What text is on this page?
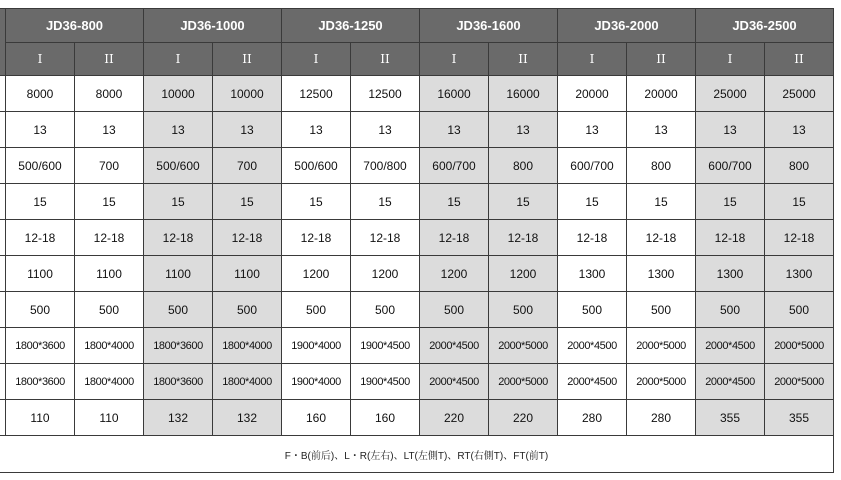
	JD36-800		JD36-1000		JD36-1250		JD36-1600		JD36-2000		JD36-2500	
	I	II	I	II	I	II	I	II	I	II	I	II
	8000	8000	10000	10000	12500	12500	16000	16000	20000	20000	25000	25000
	13	13	13	13	13	13	13	13	13	13	13	13
	500/600	700	500/600	700	500/600	700/800	600/700	800	600/700	800	600/700	800
	15	15	15	15	15	15	15	15	15	15	15	15
	12-18	12-18	12-18	12-18	12-18	12-18	12-18	12-18	12-18	12-18	12-18	12-18
	1100	1100	1100	1100	1200	1200	1200	1200	1300	1300	1300	1300
	500	500	500	500	500	500	500	500	500	500	500	500
	1800*3600	1800*4000	1800*3600	1800*4000	1900*4000	1900*4500	2000*4500	2000*5000	2000*4500	2000*5000	2000*4500	2000*5000
	1800*3600	1800*4000	1800*3600	1800*4000	1900*4000	1900*4500	2000*4500	2000*5000	2000*4500	2000*5000	2000*4500	2000*5000
	110	110	132	132	160	160	220	220	280	280	355	355
F・B(前后)、L・R(左右)、LT(左側T)、RT(右側T)、FT(前T)												
